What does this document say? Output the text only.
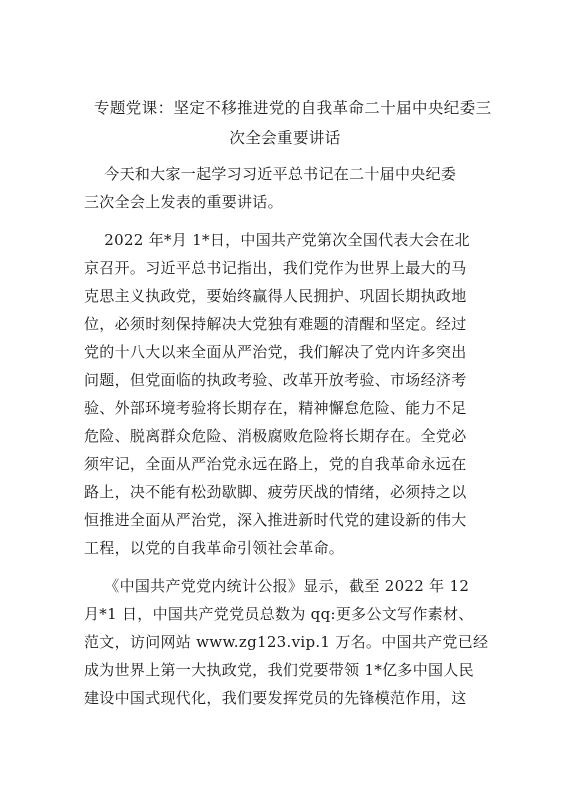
专题党课：坚定不移推进党的自我革命二十届中央纪委三
次全会重要讲话
今天和大家一起学习习近平总书记在二十届中央纪委
三次全会上发表的重要讲话。
2022 年*月 1*日，中国共产党第次全国代表大会在北
京召开。习近平总书记指出，我们党作为世界上最大的马
克思主义执政党，要始终赢得人民拥护、巩固长期执政地
位，必须时刻保持解决大党独有难题的清醒和坚定。经过
党的十八大以来全面从严治党，我们解决了党内许多突出
问题，但党面临的执政考验、改革开放考验、市场经济考
验、外部环境考验将长期存在，精神懈怠危险、能力不足
危险、脱离群众危险、消极腐败危险将长期存在。全党必
须牢记，全面从严治党永远在路上，党的自我革命永远在
路上，决不能有松劲歇脚、疲劳厌战的情绪，必须持之以
恒推进全面从严治党，深入推进新时代党的建设新的伟大
工程，以党的自我革命引领社会革命。
《中国共产党党内统计公报》显示，截至 2022 年 12
月*1 日，中国共产党党员总数为 qq:更多公文写作素材、
范文，访问网站 www.zg123.vip.1 万名。中国共产党已经
成为世界上第一大执政党，我们党要带领 1*亿多中国人民
建设中国式现代化，我们要发挥党员的先锋模范作用，这
